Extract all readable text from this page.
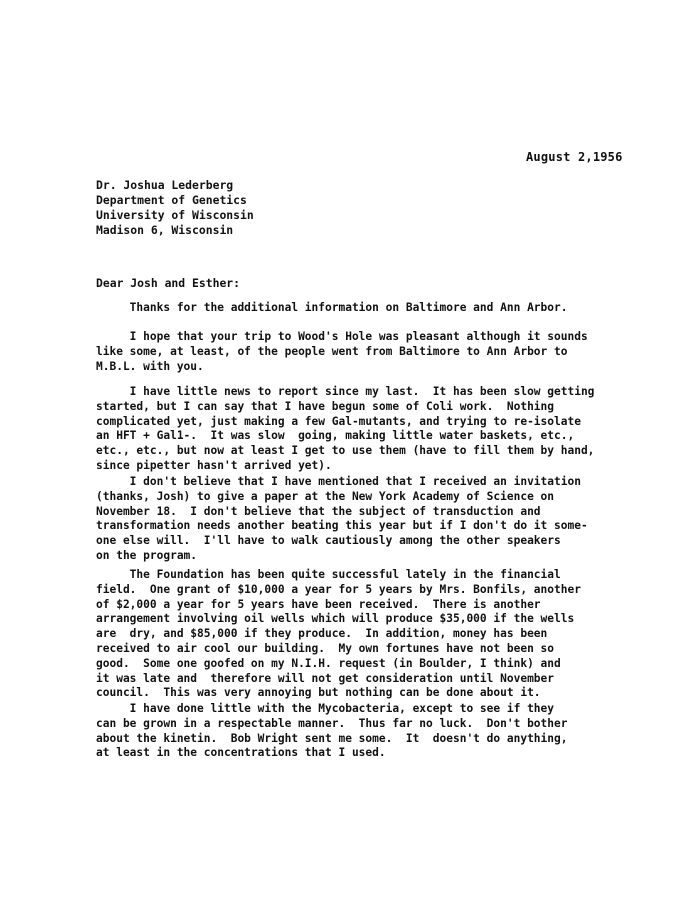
August 2,1956
Dr. Joshua Lederberg
Department of Genetics
University of Wisconsin
Madison 6, Wisconsin
Dear Josh and Esther:
Thanks for the additional information on Baltimore and Ann Arbor.
I hope that your trip to Wood's Hole was pleasant although it sounds
like some, at least, of the people went from Baltimore to Ann Arbor to
M.B.L. with you.
I have little news to report since my last.  It has been slow getting
started, but I can say that I have begun some of Coli work.  Nothing
complicated yet, just making a few Gal-mutants, and trying to re-isolate
an HFT + Gal1-.  It was slow  going, making little water baskets, etc.,
etc., etc., but now at least I get to use them (have to fill them by hand,
since pipetter hasn't arrived yet).
I don't believe that I have mentioned that I received an invitation
(thanks, Josh) to give a paper at the New York Academy of Science on
November 18.  I don't believe that the subject of transduction and
transformation needs another beating this year but if I don't do it some-
one else will.  I'll have to walk cautiously among the other speakers
on the program.
The Foundation has been quite successful lately in the financial
field.  One grant of $10,000 a year for 5 years by Mrs. Bonfils, another
of $2,000 a year for 5 years have been received.  There is another
arrangement involving oil wells which will produce $35,000 if the wells
are  dry, and $85,000 if they produce.  In addition, money has been
received to air cool our building.  My own fortunes have not been so
good.  Some one goofed on my N.I.H. request (in Boulder, I think) and
it was late and  therefore will not get consideration until November
council.  This was very annoying but nothing can be done about it.
I have done little with the Mycobacteria, except to see if they
can be grown in a respectable manner.  Thus far no luck.  Don't bother
about the kinetin.  Bob Wright sent me some.  It  doesn't do anything,
at least in the concentrations that I used.
